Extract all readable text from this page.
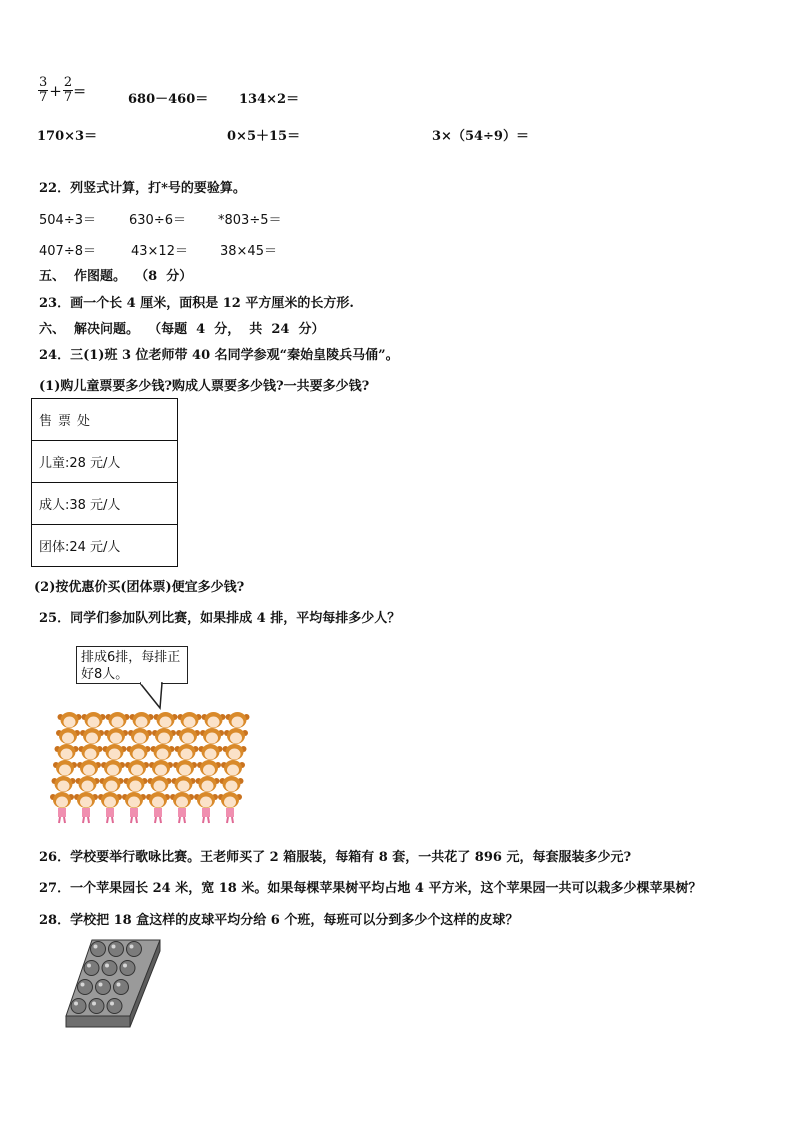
$\frac{3}{7} + \frac{2}{7}$ ＝	680－460＝ 134×2＝
170×3＝	0×5＋15＝	3×（54÷9）＝
22．列竖式计算，打*号的要验算。
504÷3＝	630÷6＝ *803÷5＝
407÷8＝	43×12＝ 38×45＝
五、  作图题。  （8  分）
23．画一个长 4 厘米，面积是 12 平方厘米的长方形.
六、  解决问题。  （每题  4  分，  共  24  分）
24．三(1)班 3 位老师带 40 名同学参观“秦始皇陵兵马俑”。
(1)购儿童票要多少钱?购成人票要多少钱?一共要多少钱?
售票处
儿童:28 元/人
成人:38 元/人
团体:24 元/人
(2)按优惠价买(团体票)便宜多少钱?
25．同学们参加队列比赛，如果排成 4 排，平均每排多少人？
排成6排，每排正
好8人。
26．学校要举行歌咏比赛。王老师买了 2 箱服装，每箱有 8 套，一共花了 896 元，每套服装多少元?
27．一个苹果园长 24 米，宽 18 米。如果每棵苹果树平均占地 4 平方米，这个苹果园一共可以栽多少棵苹果树？
28．学校把 18 盒这样的皮球平均分给 6 个班，每班可以分到多少个这样的皮球？
